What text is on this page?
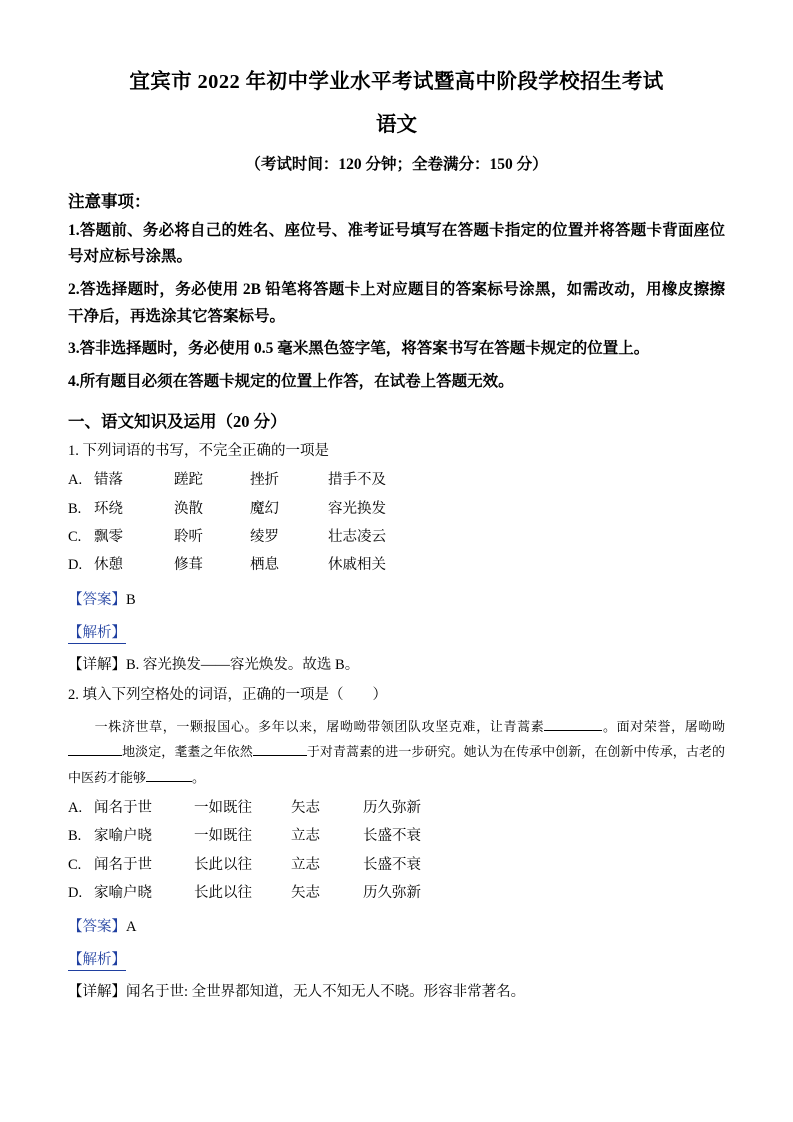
宜宾市 2022 年初中学业水平考试暨高中阶段学校招生考试
语文
（考试时间：120 分钟；全卷满分：150 分）
注意事项：
1.答题前、务必将自己的姓名、座位号、准考证号填写在答题卡指定的位置并将答题卡背面座位号对应标号涂黑。
2.答选择题时，务必使用 2B 铅笔将答题卡上对应题目的答案标号涂黑，如需改动，用橡皮擦擦干净后，再选涂其它答案标号。
3.答非选择题时，务必使用 0.5 毫米黑色签字笔，将答案书写在答题卡规定的位置上。
4.所有题目必须在答题卡规定的位置上作答，在试卷上答题无效。
一、语文知识及运用（20 分）
1. 下列词语的书写，不完全正确的一项是
A. 错落	蹉跎	挫折	措手不及
B. 环绕	涣散	魔幻	容光换发
C. 飘零	聆听	绫罗	壮志凌云
D. 休憩	修葺	栖息	休戚相关
【答案】B
【解析】
【详解】B. 容光换发——容光焕发。故选 B。
2. 填入下列空格处的词语，正确的一项是（　　）
一株济世草，一颗报国心。多年以来，屠呦呦带领团队攻坚克难，让青蒿素	。面对荣誉，屠呦呦地淡定，耄耋之年依然	于对青蒿素的进一步研究。她认为在传承中创新，在创新中传承，古老的中医药才能够	。
A. 闻名于世	一如既往	矢志	历久弥新
B. 家喻户晓	一如既往	立志	长盛不衰
C. 闻名于世	长此以往	立志	长盛不衰
D. 家喻户晓	长此以往	矢志	历久弥新
【答案】A
【解析】
【详解】闻名于世: 全世界都知道，无人不知无人不晓。形容非常著名。
